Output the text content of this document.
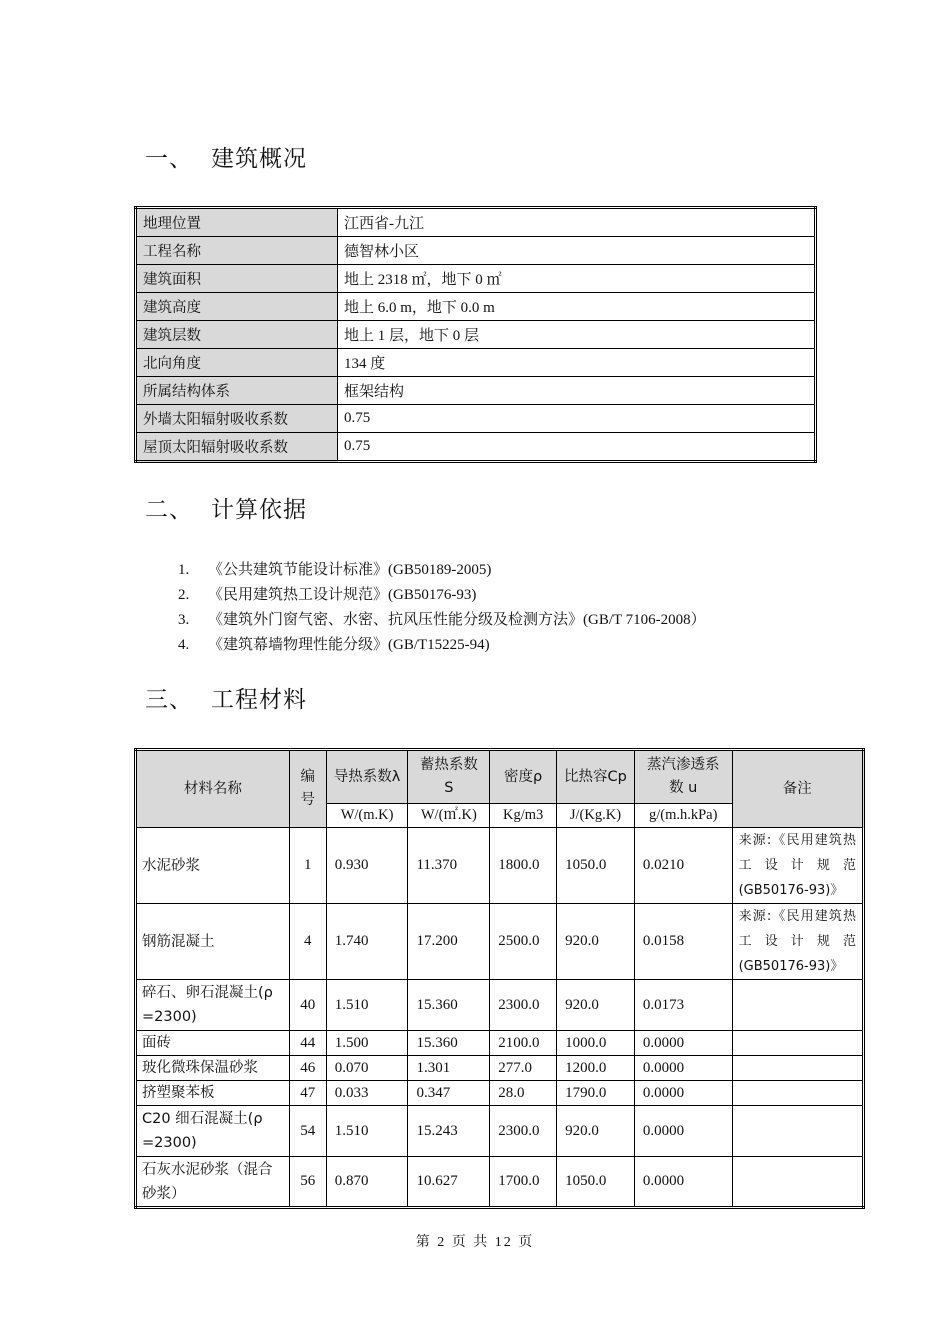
一、 建筑概况
地理位置	江西省-九江
工程名称	德智林小区
建筑面积	地上 2318 ㎡，地下 0 ㎡
建筑高度	地上 6.0 m，地下 0.0 m
建筑层数	地上 1 层，地下 0 层
北向角度	134 度
所属结构体系	框架结构
外墙太阳辐射吸收系数	0.75
屋顶太阳辐射吸收系数	0.75
二、 计算依据
1. 《公共建筑节能设计标准》(GB50189-2005)
2. 《民用建筑热工设计规范》(GB50176-93)
3. 《建筑外门窗气密、水密、抗风压性能分级及检测方法》(GB/T 7106-2008）
4. 《建筑幕墙物理性能分级》(GB/T15225-94)
三、 工程材料
材料名称	编号	导热系数λ	蓄热系数 S	密度ρ	比热容Cp	蒸汽渗透系数 u	备注
		W/(m.K)	W/(㎡.K)	Kg/m3	J/(Kg.K)	g/(m.h.kPa)	
水泥砂浆	1	0.930	11.370	1800.0	1050.0	0.0210	来源:《民用建筑热工设计规范(GB50176-93)》
钢筋混凝土	4	1.740	17.200	2500.0	920.0	0.0158	来源:《民用建筑热工设计规范(GB50176-93)》
碎石、卵石混凝土(ρ =2300)	40	1.510	15.360	2300.0	920.0	0.0173	
面砖	44	1.500	15.360	2100.0	1000.0	0.0000	
玻化微珠保温砂浆	46	0.070	1.301	277.0	1200.0	0.0000	
挤塑聚苯板	47	0.033	0.347	28.0	1790.0	0.0000	
C20 细石混凝土(ρ =2300)	54	1.510	15.243	2300.0	920.0	0.0000	
石灰水泥砂浆（混合砂浆）	56	0.870	10.627	1700.0	1050.0	0.0000	
第 2 页 共 12 页
